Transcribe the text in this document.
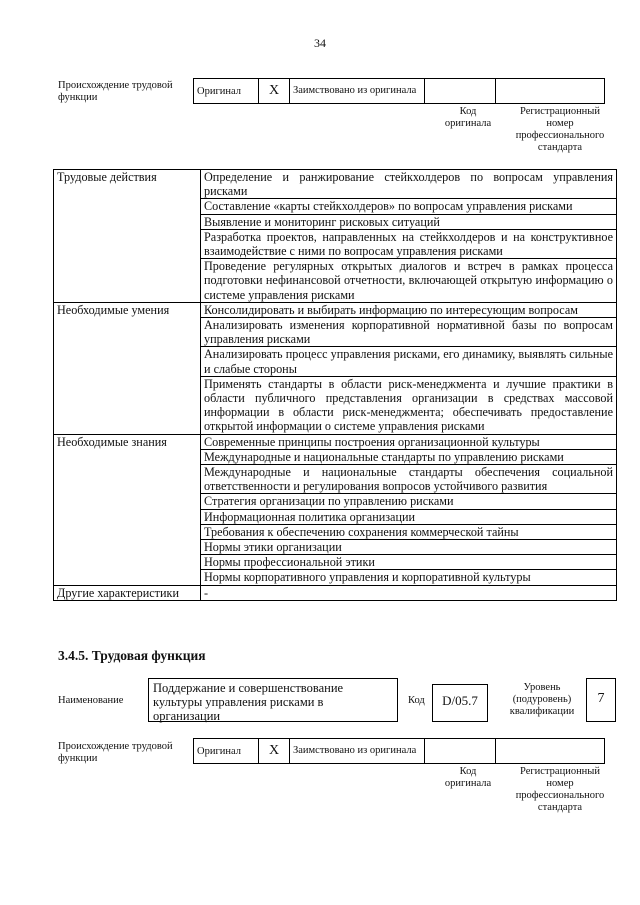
34
Происхождение трудовой функции
Оригинал	X	Заимствовано из оригинала		
Код оригинала
Регистрационный номер профессионального стандарта
Трудовые действия	Определение и ранжирование стейкхолдеров по вопросам управления рисками
	Составление «карты стейкхолдеров» по вопросам управления рисками
	Выявление и мониторинг рисковых ситуаций
	Разработка проектов, направленных на стейкхолдеров и на конструктивное взаимодействие с ними по вопросам управления рисками
	Проведение регулярных открытых диалогов и встреч в рамках процесса подготовки нефинансовой отчетности, включающей открытую информацию о системе управления рисками
Необходимые умения	Консолидировать и выбирать информацию по интересующим вопросам
	Анализировать изменения корпоративной нормативной базы по вопросам управления рисками
	Анализировать процесс управления рисками, его динамику, выявлять сильные и слабые стороны
	Применять стандарты в области риск-менеджмента и лучшие практики в области публичного представления организации в средствах массовой информации в области риск-менеджмента; обеспечивать предоставление открытой информации о системе управления рисками
Необходимые знания	Современные принципы построения организационной культуры
	Международные и национальные стандарты по управлению рисками
	Международные и национальные стандарты обеспечения социальной ответственности и регулирования вопросов устойчивого развития
	Стратегия организации по управлению рисками
	Информационная политика организации
	Требования к обеспечению сохранения коммерческой тайны
	Нормы этики организации
	Нормы профессиональной этики
	Нормы корпоративного управления и корпоративной культуры
Другие характеристики	-
3.4.5. Трудовая функция
Наименование
Поддержание и совершенствование культуры управления рисками в организации
Код	D/05.7
Уровень (подуровень) квалификации
7
Происхождение трудовой функции
Оригинал	X	Заимствовано из оригинала		
Код оригинала
Регистрационный номер профессионального стандарта
